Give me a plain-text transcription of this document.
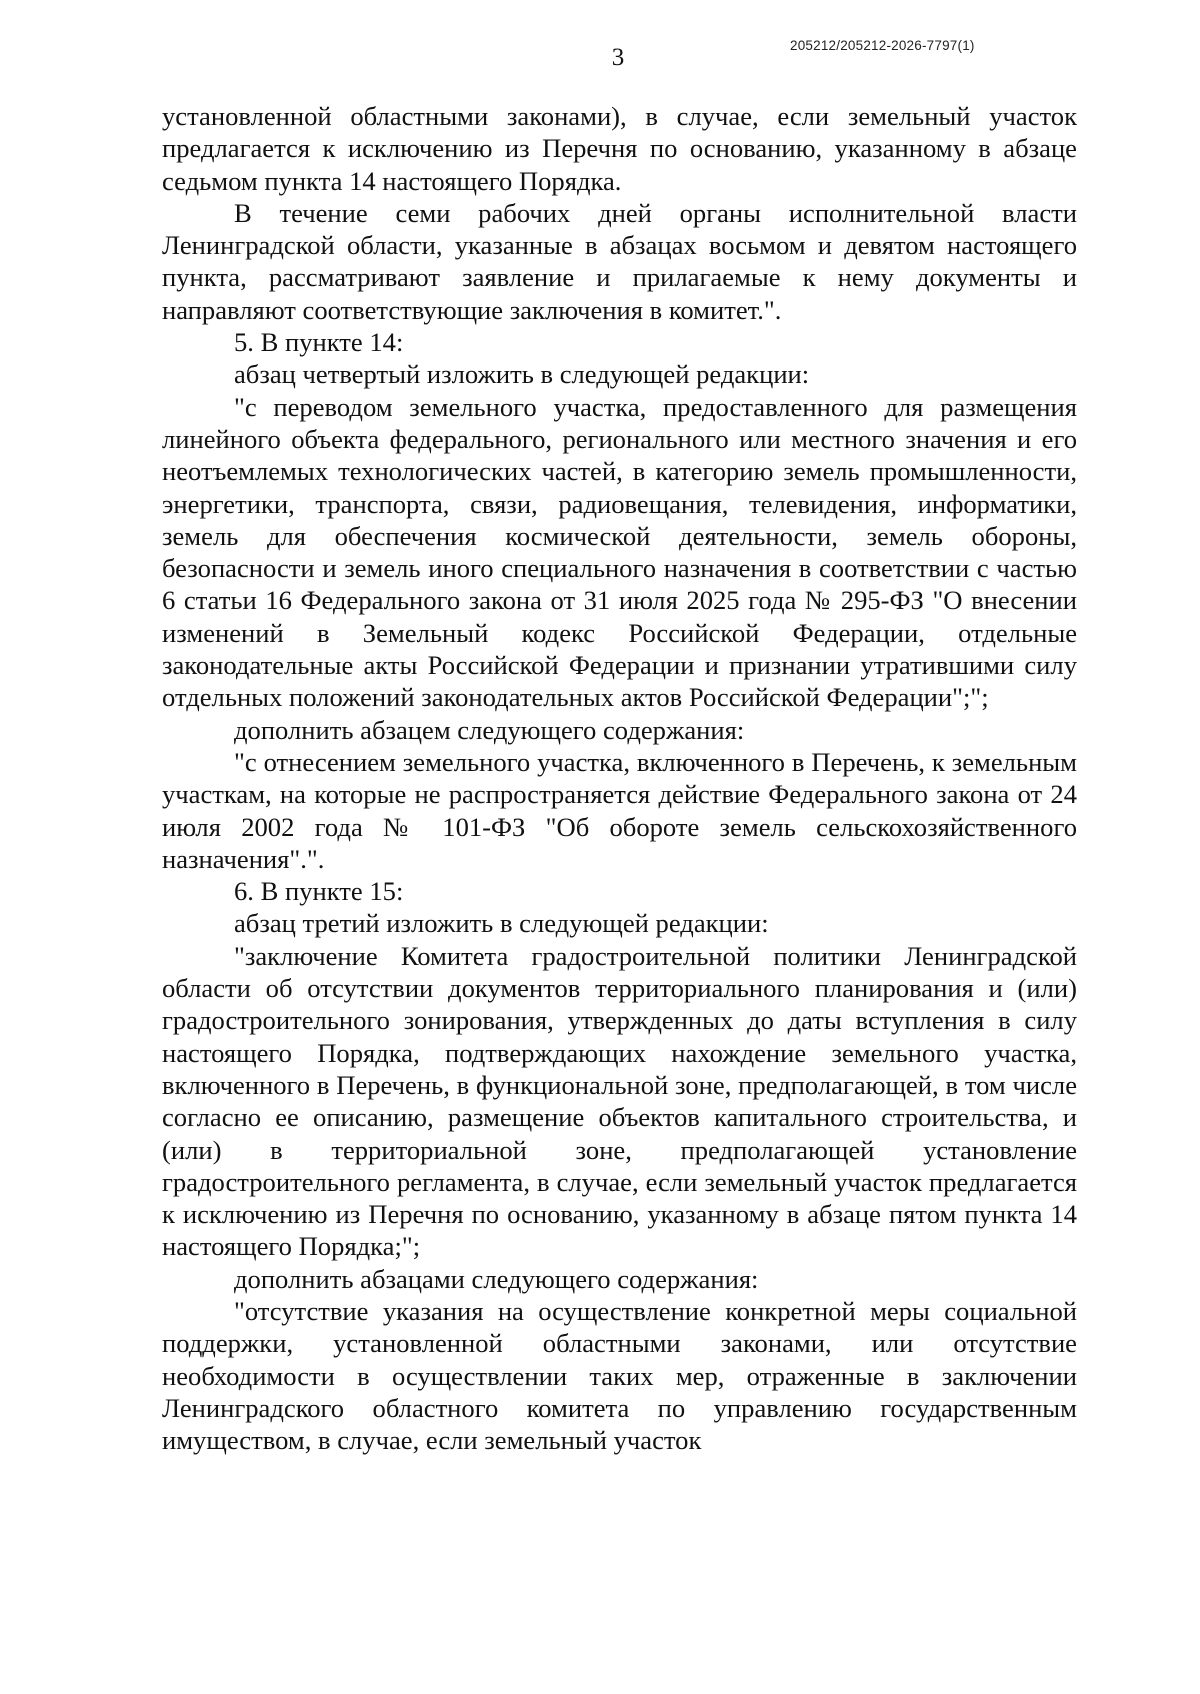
205212/205212-2026-7797(1)
3

установленной областными законами), в случае, если земельный участок предлагается к исключению из Перечня по основанию, указанному в абзаце седьмом пункта 14 настоящего Порядка.

В течение семи рабочих дней органы исполнительной власти Ленинградской области, указанные в абзацах восьмом и девятом настоящего пункта, рассматривают заявление и прилагаемые к нему документы и направляют соответствующие заключения в комитет.".

5. В пункте 14:

абзац четвертый изложить в следующей редакции:

"с переводом земельного участка, предоставленного для размещения линейного объекта федерального, регионального или местного значения и его неотъемлемых технологических частей, в категорию земель промышленности, энергетики, транспорта, связи, радиовещания, телевидения, информатики, земель для обеспечения космической деятельности, земель обороны, безопасности и земель иного специального назначения в соответствии с частью 6 статьи 16 Федерального закона от 31 июля 2025 года № 295-ФЗ "О внесении изменений в Земельный кодекс Российской Федерации, отдельные законодательные акты Российской Федерации и признании утратившими силу отдельных положений законодательных актов Российской Федерации";";

дополнить абзацем следующего содержания:

"с отнесением земельного участка, включенного в Перечень, к земельным участкам, на которые не распространяется действие Федерального закона от 24 июля 2002 года № 101-ФЗ "Об обороте земель сельскохозяйственного назначения".".

6. В пункте 15:

абзац третий изложить в следующей редакции:

"заключение Комитета градостроительной политики Ленинградской области об отсутствии документов территориального планирования и (или) градостроительного зонирования, утвержденных до даты вступления в силу настоящего Порядка, подтверждающих нахождение земельного участка, включенного в Перечень, в функциональной зоне, предполагающей, в том числе согласно ее описанию, размещение объектов капитального строительства, и (или) в территориальной зоне, предполагающей установление градостроительного регламента, в случае, если земельный участок предлагается к исключению из Перечня по основанию, указанному в абзаце пятом пункта 14 настоящего Порядка;";

дополнить абзацами следующего содержания:

"отсутствие указания на осуществление конкретной меры социальной поддержки, установленной областными законами, или отсутствие необходимости в осуществлении таких мер, отраженные в заключении Ленинградского областного комитета по управлению государственным имуществом, в случае, если земельный участок
